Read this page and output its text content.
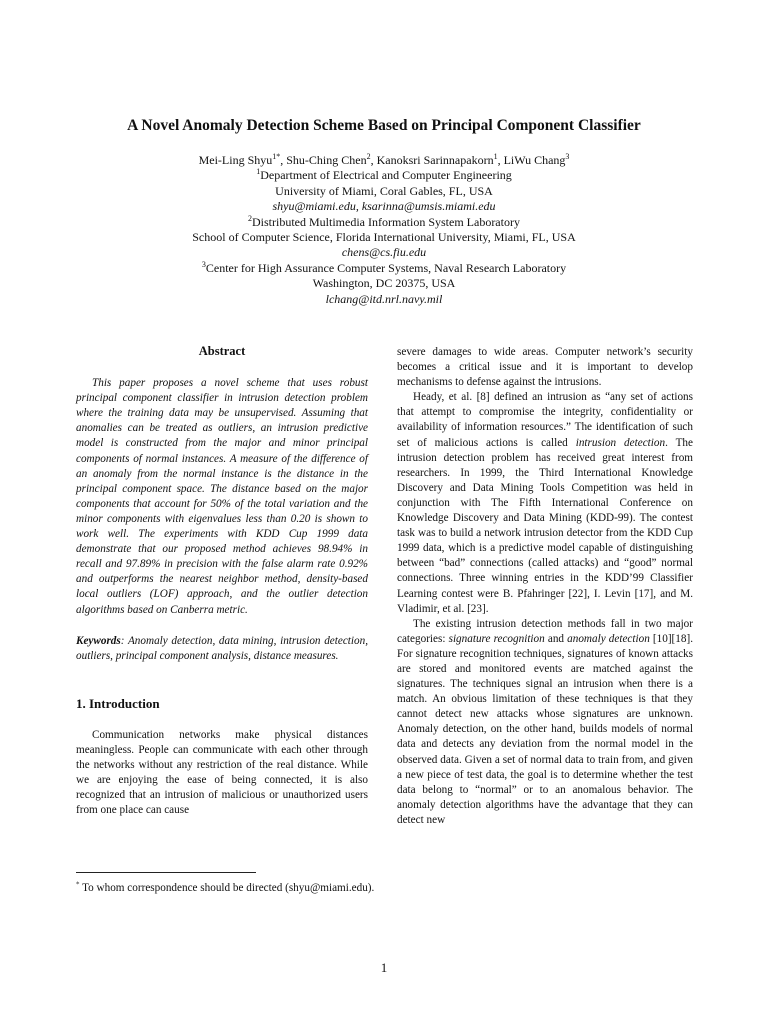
A Novel Anomaly Detection Scheme Based on Principal Component Classifier
Mei-Ling Shyu$^{1*}$, Shu-Ching Chen$^2$, Kanoksri Sarinnapakorn$^1$, LiWu Chang$^3$
$^1$Department of Electrical and Computer Engineering
University of Miami, Coral Gables, FL, USA
shyu@miami.edu, ksarinna@umsis.miami.edu
$^2$Distributed Multimedia Information System Laboratory
School of Computer Science, Florida International University, Miami, FL, USA
chens@cs.fiu.edu
$^3$Center for High Assurance Computer Systems, Naval Research Laboratory
Washington, DC 20375, USA
lchang@itd.nrl.navy.mil
Abstract

This paper proposes a novel scheme that uses robust principal component classifier in intrusion detection problem where the training data may be unsupervised. Assuming that anomalies can be treated as outliers, an intrusion predictive model is constructed from the major and minor principal components of normal instances. A measure of the difference of an anomaly from the normal instance is the distance in the principal component space. The distance based on the major components that account for 50% of the total variation and the minor components with eigenvalues less than 0.20 is shown to work well. The experiments with KDD Cup 1999 data demonstrate that our proposed method achieves 98.94% in recall and 97.89% in precision with the false alarm rate 0.92% and outperforms the nearest neighbor method, density-based local outliers (LOF) approach, and the outlier detection algorithms based on Canberra metric.

Keywords: Anomaly detection, data mining, intrusion detection, outliers, principal component analysis, distance measures.

1. Introduction

Communication networks make physical distances meaningless. People can communicate with each other through the networks without any restriction of the real distance. While we are enjoying the ease of being connected, it is also recognized that an intrusion of malicious or unauthorized users from one place can cause

severe damages to wide areas. Computer network’s security becomes a critical issue and it is important to develop mechanisms to defense against the intrusions.

Heady, et al. [8] defined an intrusion as “any set of actions that attempt to compromise the integrity, confidentiality or availability of information resources.” The identification of such set of malicious actions is called intrusion detection. The intrusion detection problem has received great interest from researchers. In 1999, the Third International Knowledge Discovery and Data Mining Tools Competition was held in conjunction with The Fifth International Conference on Knowledge Discovery and Data Mining (KDD-99). The contest task was to build a network intrusion detector from the KDD Cup 1999 data, which is a predictive model capable of distinguishing between “bad” connections (called attacks) and “good” normal connections. Three winning entries in the KDD’99 Classifier Learning contest were B. Pfahringer [22], I. Levin [17], and M. Vladimir, et al. [23].

The existing intrusion detection methods fall in two major categories: signature recognition and anomaly detection [10][18]. For signature recognition techniques, signatures of known attacks are stored and monitored events are matched against the signatures. The techniques signal an intrusion when there is a match. An obvious limitation of these techniques is that they cannot detect new attacks whose signatures are unknown. Anomaly detection, on the other hand, builds models of normal data and detects any deviation from the normal model in the observed data. Given a set of normal data to train from, and given a new piece of test data, the goal is to determine whether the test data belong to “normal” or to an anomalous behavior. The anomaly detection algorithms have the advantage that they can detect new

* To whom correspondence should be directed (shyu@miami.edu).
1
